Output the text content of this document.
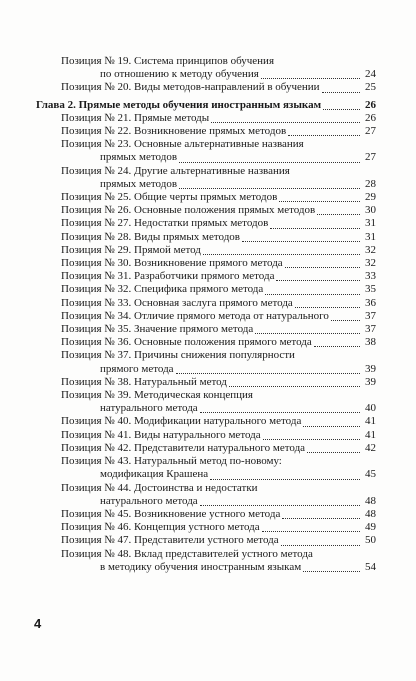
Позиция № 19. Система принципов обучения
по отношению к методу обучения	24
Позиция № 20. Виды методов-направлений в обучении	25
Глава 2. Прямые методы обучения иностранным языкам	26
Позиция № 21. Прямые методы	26
Позиция № 22. Возникновение прямых методов	27
Позиция № 23. Основные альтернативные названия
прямых методов	27
Позиция № 24. Другие альтернативные названия
прямых методов	28
Позиция № 25. Общие черты прямых методов	29
Позиция № 26. Основные положения прямых методов	30
Позиция № 27. Недостатки прямых методов	31
Позиция № 28. Виды прямых методов	31
Позиция № 29. Прямой метод	32
Позиция № 30. Возникновение прямого метода	32
Позиция № 31. Разработчики прямого метода	33
Позиция № 32. Специфика прямого метода	35
Позиция № 33. Основная заслуга прямого метода	36
Позиция № 34. Отличие прямого метода от натурального	37
Позиция № 35. Значение прямого метода	37
Позиция № 36. Основные положения прямого метода	38
Позиция № 37. Причины снижения популярности
прямого метода	39
Позиция № 38. Натуральный метод	39
Позиция № 39. Методическая концепция
натурального метода	40
Позиция № 40. Модификации натурального метода	41
Позиция № 41. Виды натурального метода	41
Позиция № 42. Представители натурального метода	42
Позиция № 43. Натуральный метод по-новому:
модификация Крашена	45
Позиция № 44. Достоинства и недостатки
натурального метода	48
Позиция № 45. Возникновение устного метода	48
Позиция № 46. Концепция устного метода	49
Позиция № 47. Представители устного метода	50
Позиция № 48. Вклад представителей устного метода
в методику обучения иностранным языкам	54
4
